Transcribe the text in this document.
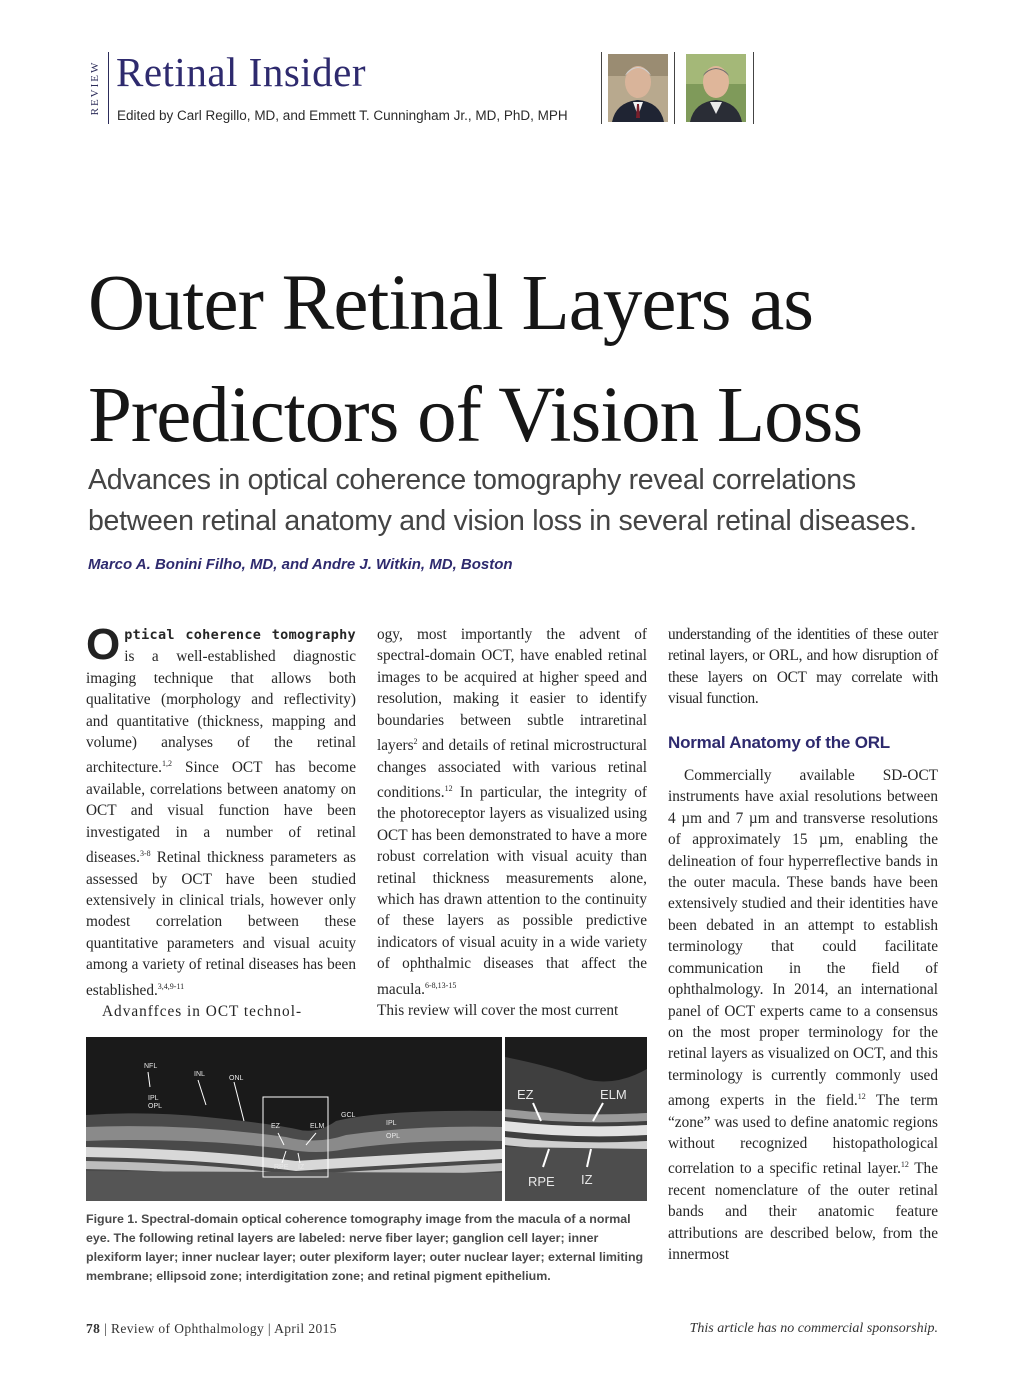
REVIEW Retinal Insider
Edited by Carl Regillo, MD, and Emmett T. Cunningham Jr., MD, PhD, MPH
Outer Retinal Layers as
Predictors of Vision Loss
Advances in optical coherence tomography reveal correlations
between retinal anatomy and vision loss in several retinal diseases.
Marco A. Bonini Filho, MD, and Andre J. Witkin, MD, Boston

Optical coherence tomography is a well-established diagnostic imaging technique that allows both qualitative (morphology and reflectivity) and quantitative (thickness, mapping and volume) analyses of the retinal architecture.$^{1,2}$ Since OCT has become available, correlations between anatomy on OCT and visual function have been investigated in a number of retinal diseases.$^{3-8}$ Retinal thickness parameters as assessed by OCT have been studied extensively in clinical trials, however only modest correlation between these quantitative parameters and visual acuity among a variety of retinal diseases has been established.$^{3,4,9-11}$

Advanffces in OCT technol-

ogy, most importantly the advent of spectral-domain OCT, have enabled retinal images to be acquired at higher speed and resolution, making it easier to identify boundaries between subtle intraretinal layers$^2$ and details of retinal microstructural changes associated with various retinal conditions.$^{12}$ In particular, the integrity of the photoreceptor layers as visualized using OCT has been demonstrated to have a more robust correlation with visual acuity than retinal thickness measurements alone, which has drawn attention to the continuity of these layers as possible predictive indicators of visual acuity in a wide variety of ophthalmic diseases that affect the macula.$^{6-8,13-15}$

This review will cover the most current

understanding of the identities of these outer retinal layers, or ORL, and how disruption of these layers on OCT may correlate with visual function.

Normal Anatomy of the ORL

Commercially available SD-OCT instruments have axial resolutions between 4 µm and 7 µm and transverse resolutions of approximately 15 µm, enabling the delineation of four hyperreflective bands in the outer macula. These bands have been extensively studied and their identities have been debated in an attempt to establish terminology that could facilitate communication in the field of ophthalmology. In 2014, an international panel of OCT experts came to a consensus on the most proper terminology for the retinal layers as visualized on OCT, and this terminology is currently commonly used among experts in the field.$^{12}$ The term “zone” was used to define anatomic regions without recognized histopathological correlation to a specific retinal layer.$^{12}$ The recent nomenclature of the outer retinal bands and their anatomic feature attributions are described below, from the innermost

NFL
INL
ONL
IPL
OPL
GCL
IPL
OPL
EZ	ELM
RPE IZ
EZ	ELM
RPE IZ
Figure 1. Spectral-domain optical coherence tomography image from the macula of a normal eye. The following retinal layers are labeled: nerve fiber layer; ganglion cell layer; inner plexiform layer; inner nuclear layer; outer plexiform layer; outer nuclear layer; external limiting membrane; ellipsoid zone; interdigitation zone; and retinal pigment epithelium.
78 | Review of Ophthalmology | April 2015	This article has no commercial sponsorship.
